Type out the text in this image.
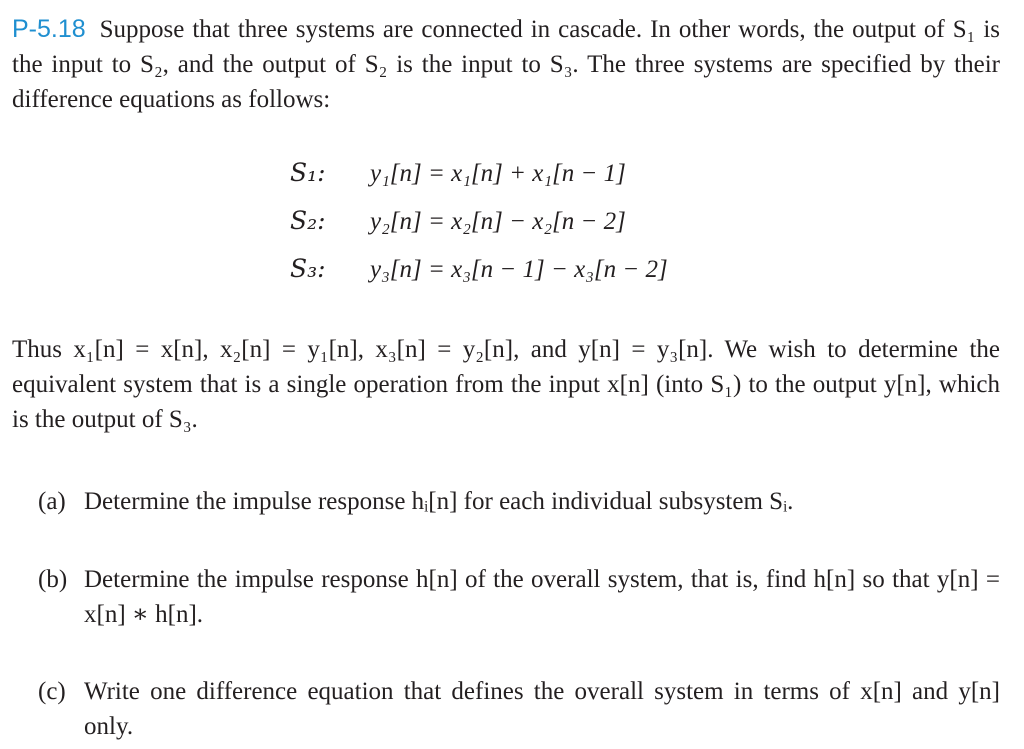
P-5.18 Suppose that three systems are connected in cascade. In other words, the output of S₁ is the input to S₂, and the output of S₂ is the input to S₃. The three systems are specified by their difference equations as follows:
S₁:	y₁[n] = x₁[n] + x₁[n − 1]
S₂:	y₂[n] = x₂[n] − x₂[n − 2]
S₃:	y₃[n] = x₃[n − 1] − x₃[n − 2]
Thus x₁[n] = x[n], x₂[n] = y₁[n], x₃[n] = y₂[n], and y[n] = y₃[n]. We wish to determine the equivalent system that is a single operation from the input x[n] (into S₁) to the output y[n], which is the output of S₃.
(a) Determine the impulse response hᵢ[n] for each individual subsystem Sᵢ.
(b) Determine the impulse response h[n] of the overall system, that is, find h[n] so that y[n] = x[n] ∗ h[n].
(c) Write one difference equation that defines the overall system in terms of x[n] and y[n] only.
